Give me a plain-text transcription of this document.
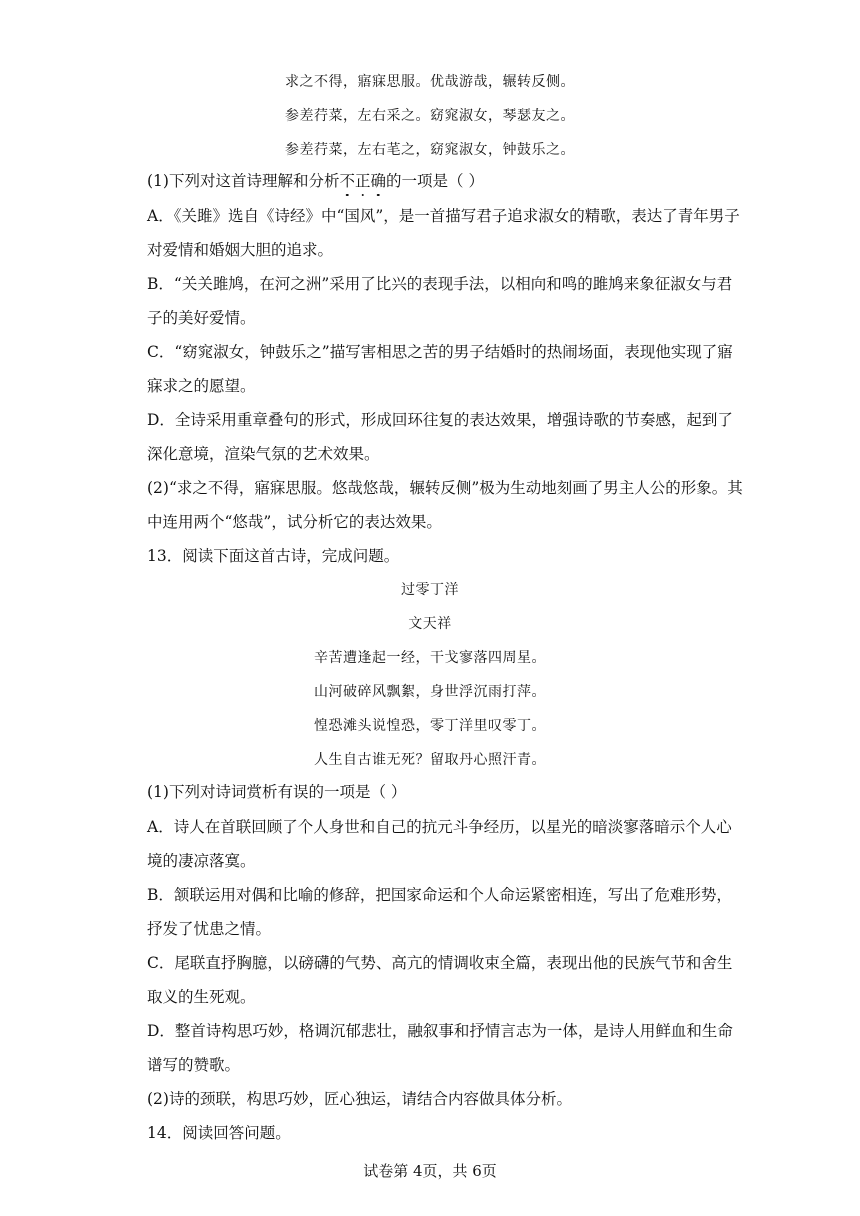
求之不得，寤寐思服。优哉游哉，辗转反侧。
参差荇菜，左右采之。窈窕淑女，琴瑟友之。
参差荇菜，左右芼之，窈窕淑女，钟鼓乐之。
(1)下列对这首诗理解和分析不正确的一项是（ ）
A．《关雎》选自《诗经》中“国风”，是一首描写君子追求淑女的精歌，表达了青年男子
对爱情和婚姻大胆的追求。
B．“关关雎鸠，在河之洲”采用了比兴的表现手法，以相向和鸣的雎鸠来象征淑女与君
子的美好爱情。
C．“窈窕淑女，钟鼓乐之”描写害相思之苦的男子结婚时的热闹场面，表现他实现了寤
寐求之的愿望。
D．全诗采用重章叠句的形式，形成回环往复的表达效果，增强诗歌的节奏感，起到了
深化意境，渲染气氛的艺术效果。
(2)“求之不得，寤寐思服。悠哉悠哉，辗转反侧”极为生动地刻画了男主人公的形象。其
中连用两个“悠哉”，试分析它的表达效果。
13．阅读下面这首古诗，完成问题。
过零丁洋
文天祥
辛苦遭逢起一经，干戈寥落四周星。
山河破碎风飘絮，身世浮沉雨打萍。
惶恐滩头说惶恐，零丁洋里叹零丁。
人生自古谁无死？留取丹心照汗青。
(1)下列对诗词赏析有误的一项是（ ）
A．诗人在首联回顾了个人身世和自己的抗元斗争经历，以星光的暗淡寥落暗示个人心
境的凄凉落寞。
B．颔联运用对偶和比喻的修辞，把国家命运和个人命运紧密相连，写出了危难形势，
抒发了忧患之情。
C．尾联直抒胸臆，以磅礴的气势、高亢的情调收束全篇，表现出他的民族气节和舍生
取义的生死观。
D．整首诗构思巧妙，格调沉郁悲壮，融叙事和抒情言志为一体，是诗人用鲜血和生命
谱写的赞歌。
(2)诗的颈联，构思巧妙，匠心独运，请结合内容做具体分析。
14．阅读回答问题。
试卷第 4页，共 6页
